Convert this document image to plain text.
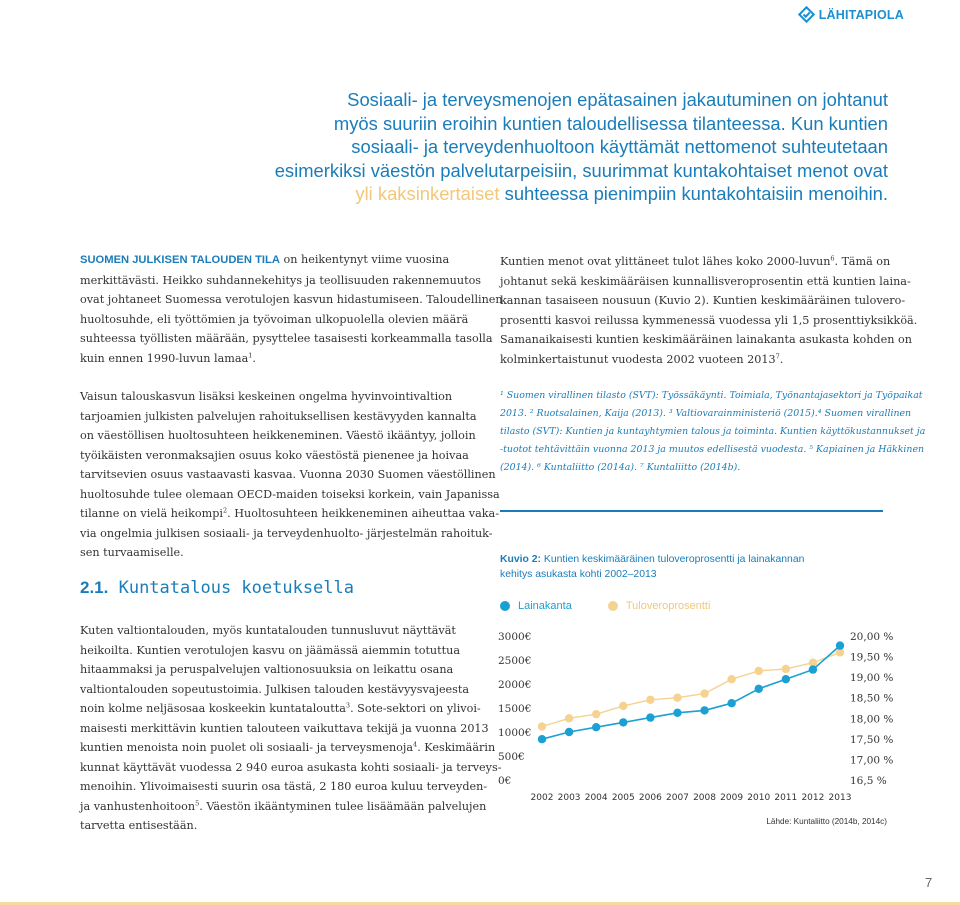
LÄHITAPIOLA
Sosiaali- ja terveysmenojen epätasainen jakautuminen on johtanut
myös suuriin eroihin kuntien taloudellisessa tilanteessa. Kun kuntien
sosiaali- ja terveydenhuoltoon käyttämät nettomenot suhteutetaan
esimerkiksi väestön palvelutarpeisiin, suurimmat kuntakohtaiset menot ovat
yli kaksinkertaiset suhteessa pienimpiin kuntakohtaisiin menoihin.
SUOMEN JULKISEN TALOUDEN TILA on heikentynyt viime vuosina
merkittävästi. Heikko suhdannekehitys ja teollisuuden rakennemuutos
ovat johtaneet Suomessa verotulojen kasvun hidastumiseen. Taloudellinen
huoltosuhde, eli työttömien ja työvoiman ulkopuolella olevien määrä
suhteessa työllisten määrään, pysyttelee tasaisesti korkeammalla tasolla
kuin ennen 1990-luvun lamaa$^1$.
Vaisun talouskasvun lisäksi keskeinen ongelma hyvinvointivaltion
tarjoamien julkisten palvelujen rahoituksellisen kestävyyden kannalta
on väestöllisen huoltosuhteen heikkeneminen. Väestö ikääntyy, jolloin
työikäisten veronmaksajien osuus koko väestöstä pienenee ja hoivaa
tarvitsevien osuus vastaavasti kasvaa. Vuonna 2030 Suomen väestöllinen
huoltosuhde tulee olemaan OECD-maiden toiseksi korkein, vain Japanissa
tilanne on vielä heikompi$^2$. Huoltosuhteen heikkeneminen aiheuttaa vaka-
via ongelmia julkisen sosiaali- ja terveydenhuolto- järjestelmän rahoituk-
sen turvaamiselle.
2.1. Kuntatalous koetuksella
Kuten valtiontalouden, myös kuntatalouden tunnusluvut näyttävät
heikoilta. Kuntien verotulojen kasvu on jäämässä aiemmin totuttua
hitaammaksi ja peruspalvelujen valtionosuuksia on leikattu osana
valtiontalouden sopeutustoimia. Julkisen talouden kestävyysvajeesta
noin kolme neljäsosaa koskeekin kuntataloutta$^3$. Sote-sektori on ylivoi-
maisesti merkittävin kuntien talouteen vaikuttava tekijä ja vuonna 2013
kuntien menoista noin puolet oli sosiaali- ja terveysmenoja$^4$. Keskimäärin
kunnat käyttävät vuodessa 2 940 euroa asukasta kohti sosiaali- ja terveys-
menoihin. Ylivoimaisesti suurin osa tästä, 2 180 euroa kuluu terveyden-
ja vanhustenhoitoon$^5$. Väestön ikääntyminen tulee lisäämään palvelujen
tarvetta entisestään.
Kuntien menot ovat ylittäneet tulot lähes koko 2000-luvun$^6$. Tämä on
johtanut sekä keskimääräisen kunnallisveroprosentin että kuntien laina-
kannan tasaiseen nousuun (Kuvio 2). Kuntien keskimääräinen tulovero-
prosentti kasvoi reilussa kymmenessä vuodessa yli 1,5 prosenttiyksikköä.
Samanaikaisesti kuntien keskimääräinen lainakanta asukasta kohden on
kolminkertaistunut vuodesta 2002 vuoteen 2013$^7$.
¹ Suomen virallinen tilasto (SVT): Työssäkäynti. Toimiala, Työnantajasektori ja Työpaikat
2013. ² Ruotsalainen, Kaija (2013). ³ Valtiovarainministeriö (2015).⁴ Suomen virallinen
tilasto (SVT): Kuntien ja kuntayhtymien talous ja toiminta. Kuntien käyttökustannukset ja
-tuotot tehtävittäin vuonna 2013 ja muutos edellisestä vuodesta. ⁵ Kapiainen ja Häkkinen
(2014). ⁶ Kuntaliitto (2014a). ⁷ Kuntaliitto (2014b).
Kuvio 2: Kuntien keskimääräinen tuloveroprosentti ja lainakannan
kehitys asukasta kohti 2002–2013
Lainakanta	Tuloveroprosentti
0€
500€
1000€
1500€
2000€
2500€
3000€
16,5 %
17,00 %
17,50 %
18,00 %
18,50 %
19,00 %
19,50 %
20,00 %
2002 2003 2004 2005 2006 2007 2008 2009 2010 2011 2012 2013
Lähde: Kuntaliitto (2014b, 2014c)
7
